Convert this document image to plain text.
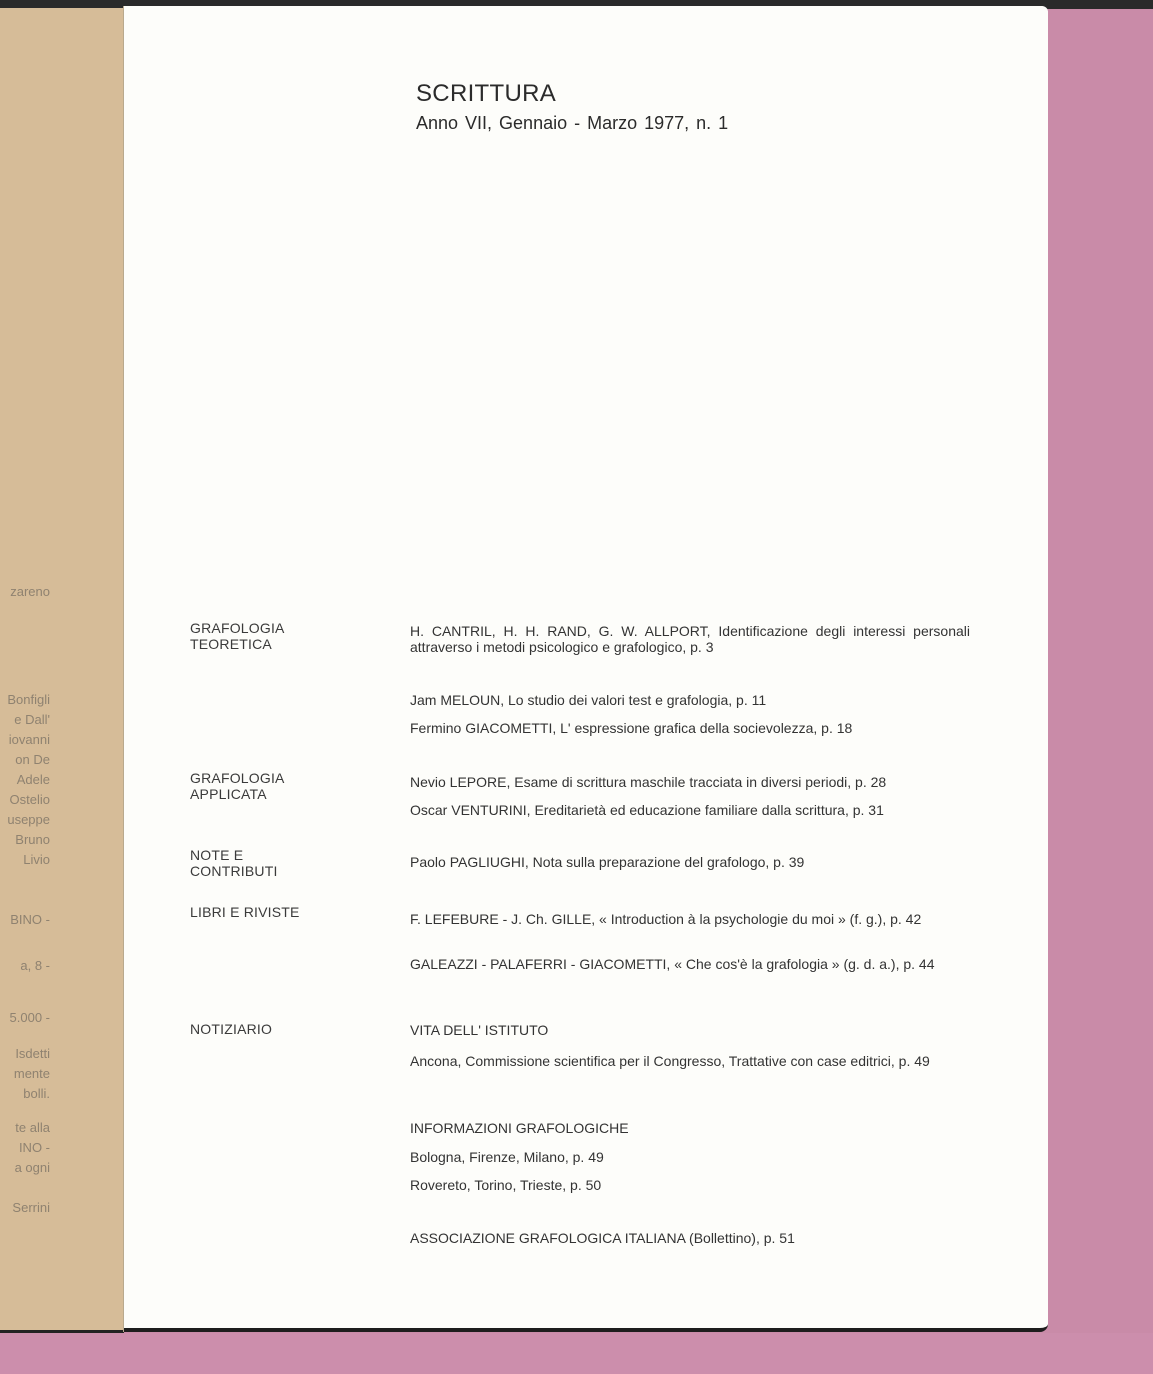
zareno
Bonfigli
e Dall'
iovanni
on De
Adele
Ostelio
useppe
Bruno
Livio
BINO -
a, 8 -
5.000 -
Isdetti
mente
bolli.
te alla
INO -
a ogni
Serrini
SCRITTURA
Anno VII, Gennaio - Marzo 1977, n. 1
GRAFOLOGIA
TEORETICA
H. CANTRIL, H. H. RAND, G. W. ALLPORT, Identificazione degli interessi personali attraverso i metodi psicologico e grafologico, p. 3
Jam MELOUN, Lo studio dei valori test e grafologia, p. 11
Fermino GIACOMETTI, L' espressione grafica della socievolezza, p. 18
GRAFOLOGIA
APPLICATA
Nevio LEPORE, Esame di scrittura maschile tracciata in diversi periodi, p. 28
Oscar VENTURINI, Ereditarietà ed educazione familiare dalla scrittura, p. 31
NOTE E
CONTRIBUTI
Paolo PAGLIUGHI, Nota sulla preparazione del grafologo, p. 39
LIBRI E RIVISTE	F. LEFEBURE - J. Ch. GILLE, « Introduction à la psychologie du moi » (f. g.), p. 42
GALEAZZI - PALAFERRI - GIACOMETTI, « Che cos'è la grafologia » (g. d. a.), p. 44
NOTIZIARIO	VITA DELL' ISTITUTO
Ancona, Commissione scientifica per il Congresso, Trattative con case editrici, p. 49
INFORMAZIONI GRAFOLOGICHE
Bologna, Firenze, Milano, p. 49
Rovereto, Torino, Trieste, p. 50
ASSOCIAZIONE GRAFOLOGICA ITALIANA (Bollettino), p. 51
